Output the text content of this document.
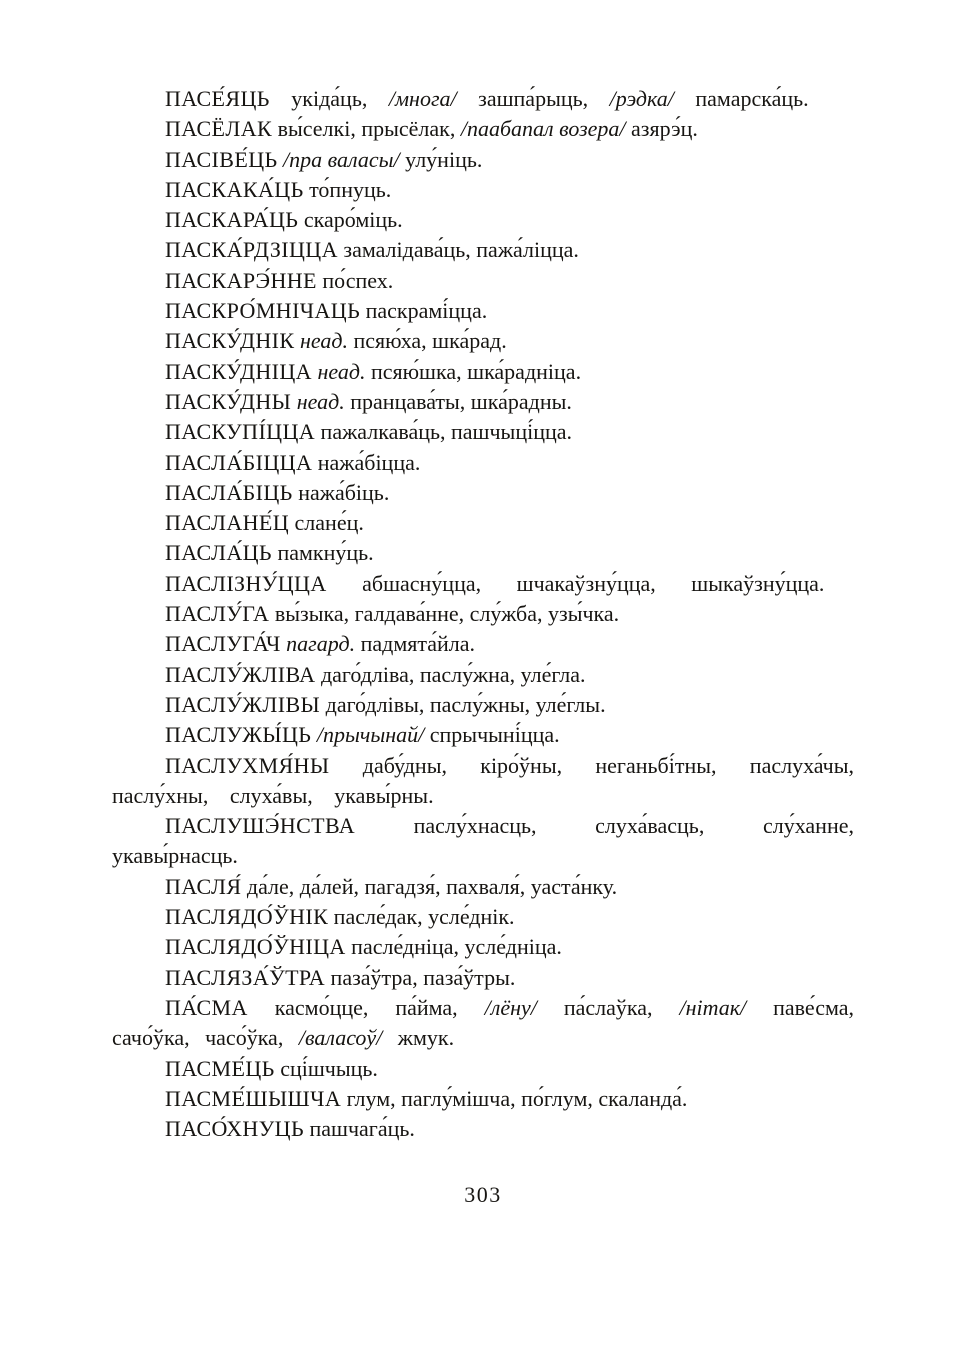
ПАСЕ́ЯЦЬ укіда́ць, /многа/ зашпа́рыць, /рэдка/ памарска́ць.

ПАСЁЛАК вы́селкі, прысёлак, /паабапал возера/ азярэ́ц.

ПАСІВЕ́ЦЬ /пра валасы/ улу́ніць.

ПАСКАКА́ЦЬ то́пнуць.

ПАСКАРА́ЦЬ скаро́міць.

ПАСКА́РДЗІЦЦА замалідава́ць, пажа́ліцца.

ПАСКАРЭ́ННЕ по́спех.

ПАСКРО́МНІЧАЦЬ паскрамі́цца.

ПАСКУ́ДНІК неад. псяю́ха, шка́рад.

ПАСКУ́ДНІЦА неад. псяю́шка, шка́радніца.

ПАСКУ́ДНЫ неад. пранцава́ты, шка́радны.

ПАСКУПІ́ЦЦА пажалкава́ць, пашчыці́цца.

ПАСЛА́БІЦЦА нажа́біцца.

ПАСЛА́БІЦЬ нажа́біць.

ПАСЛАНЕ́Ц слане́ц.

ПАСЛА́ЦЬ памкну́ць.

ПАСЛІЗНУ́ЦЦА абшасну́цца, шчакаўзну́цца, шыкаўзну́цца.

ПАСЛУ́ГА вы́зыка, галдава́нне, слу́жба, узы́чка.

ПАСЛУГА́Ч пагард. падмята́йла.

ПАСЛУ́ЖЛІВА даго́дліва, паслу́жна, уле́гла.

ПАСЛУ́ЖЛІВЫ даго́длівы, паслу́жны, уле́глы.

ПАСЛУЖЫ́ЦЬ /прычынай/ спрычыні́цца.

ПАСЛУХМЯ́НЫ дабу́дны, кіро́ўны, неганьбі́тны, паслуха́чы, паслу́хны, слуха́вы, укавы́рны.

ПАСЛУШЭ́НСТВА	паслу́хнасць, слуха́васць, слу́ханне, укавы́рнасць.

ПАСЛЯ́ да́ле, да́лей, пагадзя́, пахваля́, уаста́нку.

ПАСЛЯДО́ЎНІК пасле́дак, усле́днік.

ПАСЛЯДО́ЎНІЦА пасле́дніца, усле́дніца.

ПАСЛЯЗА́ЎТРА паза́ўтра, паза́ўтры.

ПА́СМА касмо́цце, па́йма, /лёну/ па́слаўка, /нітак/ паве́сма, сачо́ўка, часо́ўка, /валасоў/ жмук.

ПАСМЕ́ЦЬ сці́шчыць.

ПАСМЕ́ШЫШЧА глум, паглу́мішча, по́глум, скаланда́.

ПАСО́ХНУЦЬ пашчага́ць.

303
